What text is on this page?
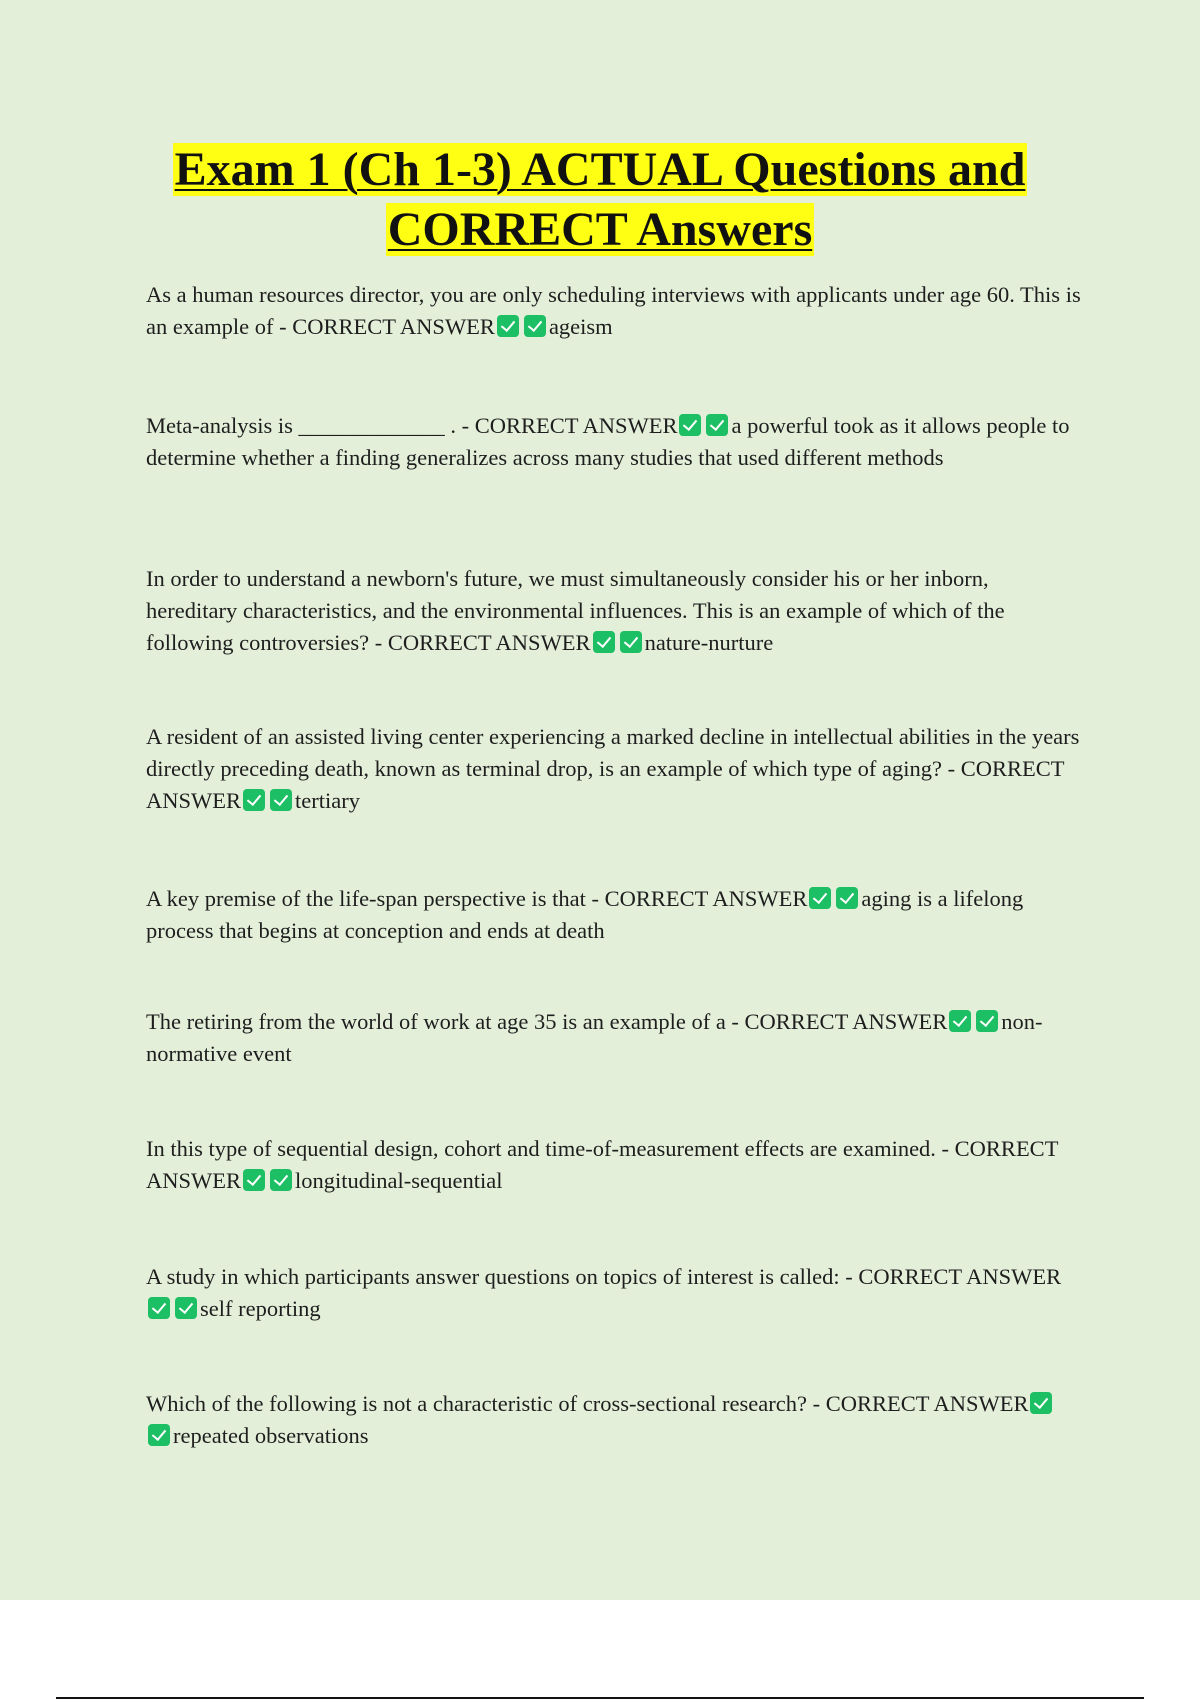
Exam 1 (Ch 1-3) ACTUAL Questions and
CORRECT Answers
As a human resources director, you are only scheduling interviews with applicants under age 60. This is an example of - CORRECT ANSWER ageism
Meta-analysis is _____________ . - CORRECT ANSWER a powerful took as it allows people to determine whether a finding generalizes across many studies that used different methods
In order to understand a newborn's future, we must simultaneously consider his or her inborn, hereditary characteristics, and the environmental influences. This is an example of which of the following controversies? - CORRECT ANSWER nature-nurture
A resident of an assisted living center experiencing a marked decline in intellectual abilities in the years directly preceding death, known as terminal drop, is an example of which type of aging? - CORRECT ANSWER tertiary
A key premise of the life-span perspective is that - CORRECT ANSWER aging is a lifelong process that begins at conception and ends at death
The retiring from the world of work at age 35 is an example of a - CORRECT ANSWER non-normative event
In this type of sequential design, cohort and time-of-measurement effects are examined. - CORRECT ANSWER longitudinal-sequential
A study in which participants answer questions on topics of interest is called: - CORRECT ANSWERself reporting
Which of the following is not a characteristic of cross-sectional research? - CORRECT ANSWERrepeated observations
